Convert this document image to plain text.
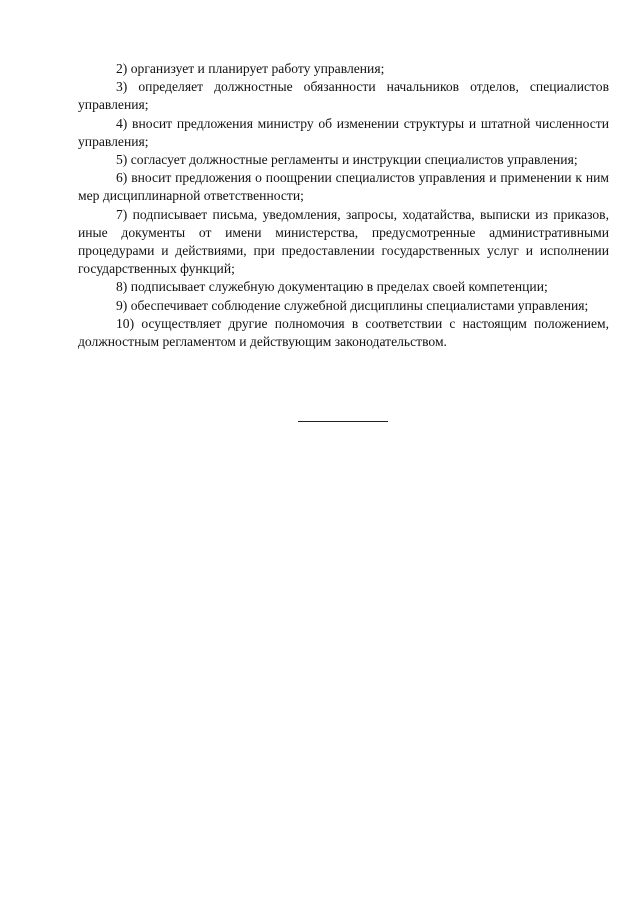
2) организует и планирует работу управления;

3) определяет должностные обязанности начальников отделов, специалистов управления;

4) вносит предложения министру об изменении структуры и штатной численности управления;

5) согласует должностные регламенты и инструкции специалистов управления;

6) вносит предложения о поощрении специалистов управления и применении к ним мер дисциплинарной ответственности;

7) подписывает письма, уведомления, запросы, ходатайства, выписки из приказов, иные документы от имени министерства, предусмотренные административными процедурами и действиями, при предоставлении государственных услуг и исполнении государственных функций;

8) подписывает служебную документацию в пределах своей компетенции;

9) обеспечивает соблюдение служебной дисциплины специалистами управления;

10) осуществляет другие полномочия в соответствии с настоящим положением, должностным регламентом и действующим законодательством.
